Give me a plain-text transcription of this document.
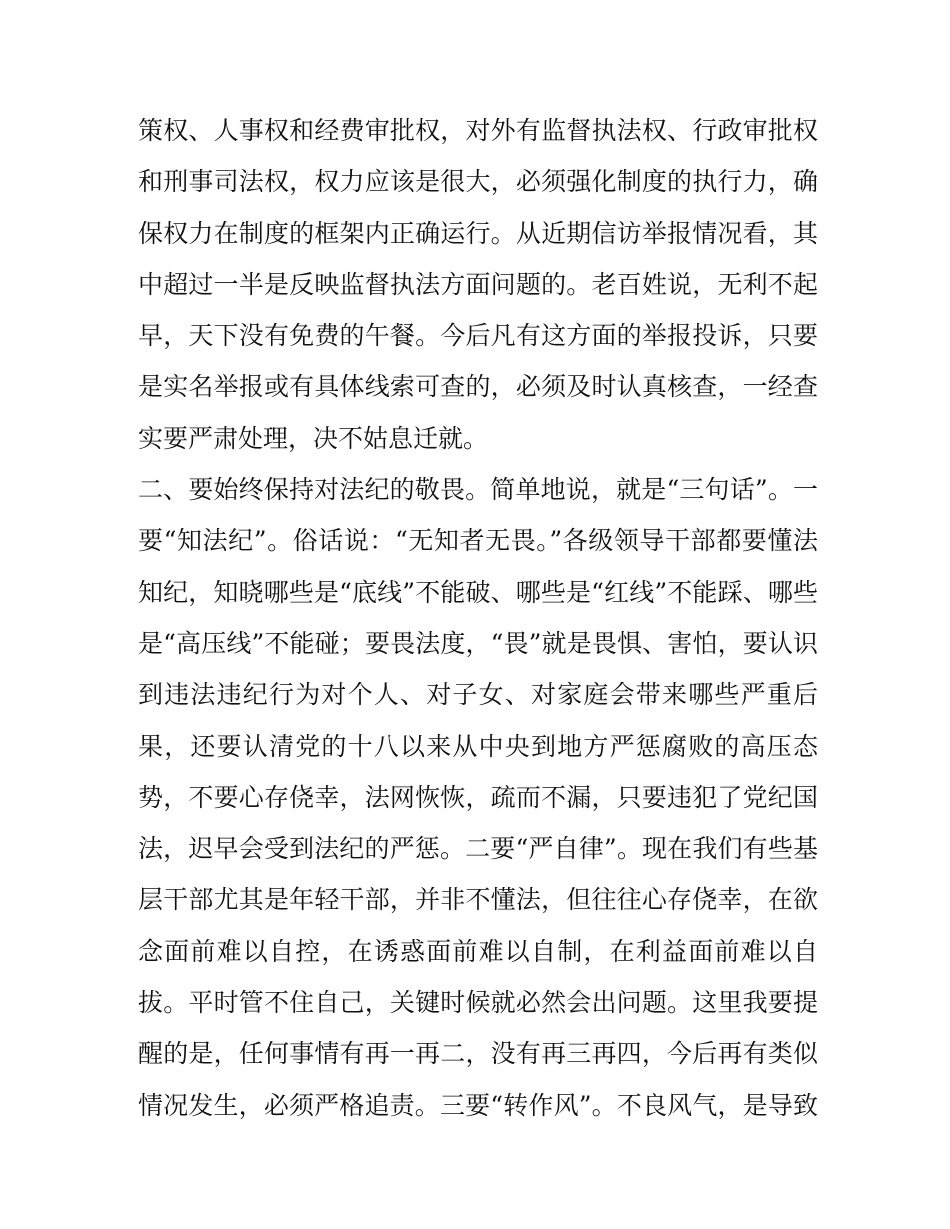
策权、人事权和经费审批权，对外有监督执法权、行政审批权
和刑事司法权，权力应该是很大，必须强化制度的执行力，确
保权力在制度的框架内正确运行。从近期信访举报情况看，其
中超过一半是反映监督执法方面问题的。老百姓说，无利不起
早，天下没有免费的午餐。今后凡有这方面的举报投诉，只要
是实名举报或有具体线索可查的，必须及时认真核查，一经查
实要严肃处理，决不姑息迁就。
二、要始终保持对法纪的敬畏。简单地说，就是“三句话”。一
要“知法纪”。俗话说：“无知者无畏。”各级领导干部都要懂法
知纪，知晓哪些是“底线”不能破、哪些是“红线”不能踩、哪些
是“高压线”不能碰；要畏法度，“畏”就是畏惧、害怕，要认识
到违法违纪行为对个人、对子女、对家庭会带来哪些严重后
果，还要认清党的十八以来从中央到地方严惩腐败的高压态
势，不要心存侥幸，法网恢恢，疏而不漏，只要违犯了党纪国
法，迟早会受到法纪的严惩。二要“严自律”。现在我们有些基
层干部尤其是年轻干部，并非不懂法，但往往心存侥幸，在欲
念面前难以自控，在诱惑面前难以自制，在利益面前难以自
拔。平时管不住自己，关键时候就必然会出问题。这里我要提
醒的是，任何事情有再一再二，没有再三再四，今后再有类似
情况发生，必须严格追责。三要“转作风”。不良风气，是导致
